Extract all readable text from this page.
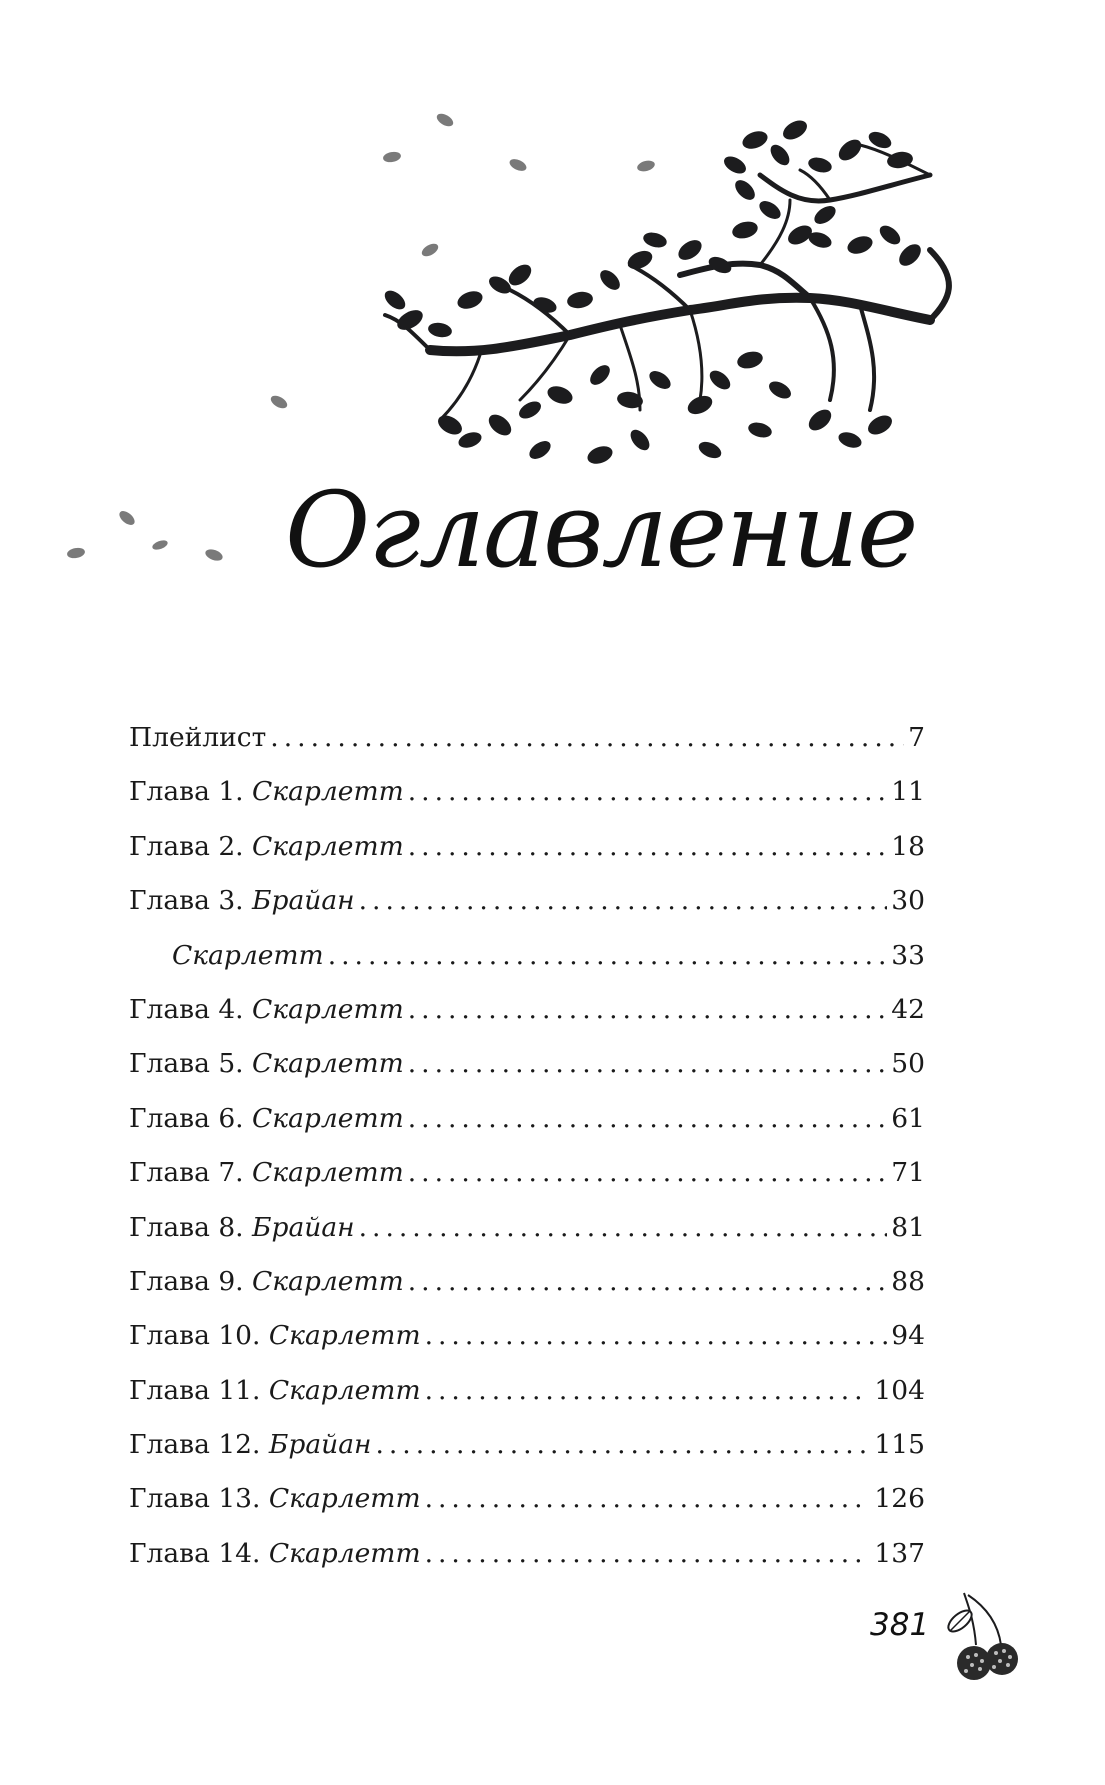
Оглавление
Плейлист .....	7
Глава 1. Скарлетт .....	11
Глава 2. Скарлетт .....	18
Глава 3. Брайан .....	30
Скарлетт .....	33
Глава 4. Скарлетт .....	42
Глава 5. Скарлетт .....	50
Глава 6. Скарлетт .....	61
Глава 7. Скарлетт .....	71
Глава 8. Брайан .....	81
Глава 9. Скарлетт .....	88
Глава 10. Скарлетт .....	94
Глава 11. Скарлетт .....	104
Глава 12. Брайан .....	115
Глава 13. Скарлетт .....	126
Глава 14. Скарлетт .....	137
381
